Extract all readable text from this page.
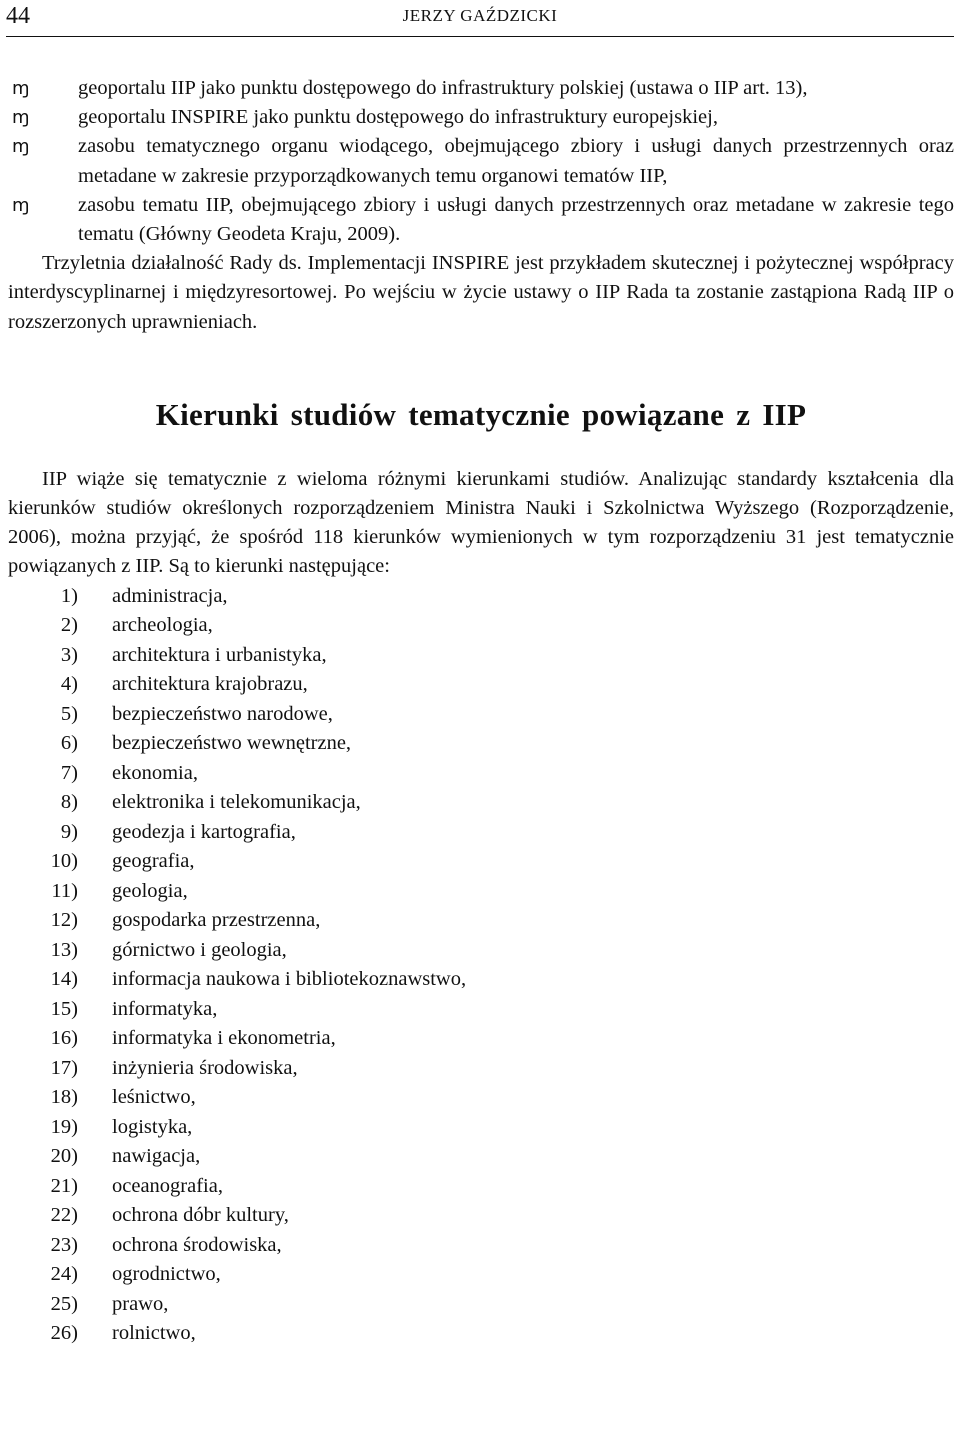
44	JERZY GAŹDZICKI
ɱ geoportalu IIP jako punktu dostępowego do infrastruktury polskiej (ustawa o IIP art. 13),
ɱ geoportalu INSPIRE jako punktu dostępowego do infrastruktury europejskiej,
ɱ zasobu tematycznego organu wiodącego, obejmującego zbiory i usługi danych przestrzennych oraz metadane w zakresie przyporządkowanych temu organowi tematów IIP,
ɱ zasobu tematu IIP, obejmującego zbiory i usługi danych przestrzennych oraz metadane w zakresie tego tematu (Główny Geodeta Kraju, 2009).

Trzyletnia działalność Rady ds. Implementacji INSPIRE jest przykładem skutecznej i pożytecznej współpracy interdyscyplinarnej i międzyresortowej. Po wejściu w życie ustawy o IIP Rada ta zostanie zastąpiona Radą IIP o rozszerzonych uprawnieniach.

Kierunki studiów tematycznie powiązane z IIP

IIP wiąże się tematycznie z wieloma różnymi kierunkami studiów. Analizując standardy kształcenia dla kierunków studiów określonych rozporządzeniem Ministra Nauki i Szkolnictwa Wyższego (Rozporządzenie, 2006), można przyjąć, że spośród 118 kierunków wymienionych w tym rozporządzeniu 31 jest tematycznie powiązanych z IIP. Są to kierunki następujące:

1) administracja,
2) archeologia,
3) architektura i urbanistyka,
4) architektura krajobrazu,
5) bezpieczeństwo narodowe,
6) bezpieczeństwo wewnętrzne,
7) ekonomia,
8) elektronika i telekomunikacja,
9) geodezja i kartografia,
10) geografia,
11) geologia,
12) gospodarka przestrzenna,
13) górnictwo i geologia,
14) informacja naukowa i bibliotekoznawstwo,
15) informatyka,
16) informatyka i ekonometria,
17) inżynieria środowiska,
18) leśnictwo,
19) logistyka,
20) nawigacja,
21) oceanografia,
22) ochrona dóbr kultury,
23) ochrona środowiska,
24) ogrodnictwo,
25) prawo,
26) rolnictwo,
